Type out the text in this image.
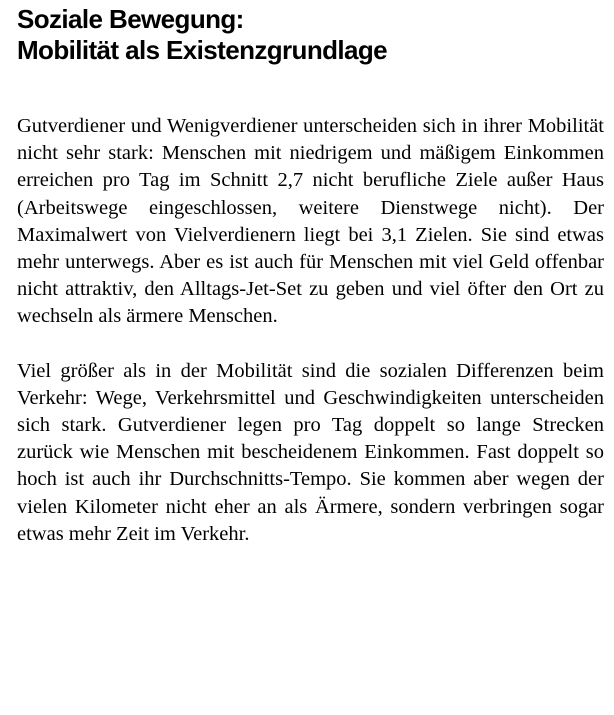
Soziale Bewegung:
Mobilität als Existenzgrundlage

Gutverdiener und Wenigverdiener unterscheiden sich in ihrer Mobilität nicht sehr stark: Menschen mit niedrigem und mäßigem Einkommen erreichen pro Tag im Schnitt 2,7 nicht berufliche Ziele außer Haus (Arbeitswege eingeschlossen, weitere Dienstwege nicht). Der Maximalwert von Vielverdienern liegt bei 3,1 Zielen. Sie sind etwas mehr unterwegs. Aber es ist auch für Menschen mit viel Geld offenbar nicht attraktiv, den Alltags-Jet-Set zu geben und viel öfter den Ort zu wechseln als ärmere Menschen.

Viel größer als in der Mobilität sind die sozialen Differenzen beim Verkehr: Wege, Verkehrsmittel und Geschwindigkeiten unterscheiden sich stark. Gutverdiener legen pro Tag doppelt so lange Strecken zurück wie Menschen mit bescheidenem Einkommen. Fast doppelt so hoch ist auch ihr Durchschnitts-Tempo. Sie kommen aber wegen der vielen Kilometer nicht eher an als Ärmere, sondern verbringen sogar etwas mehr Zeit im Verkehr.
